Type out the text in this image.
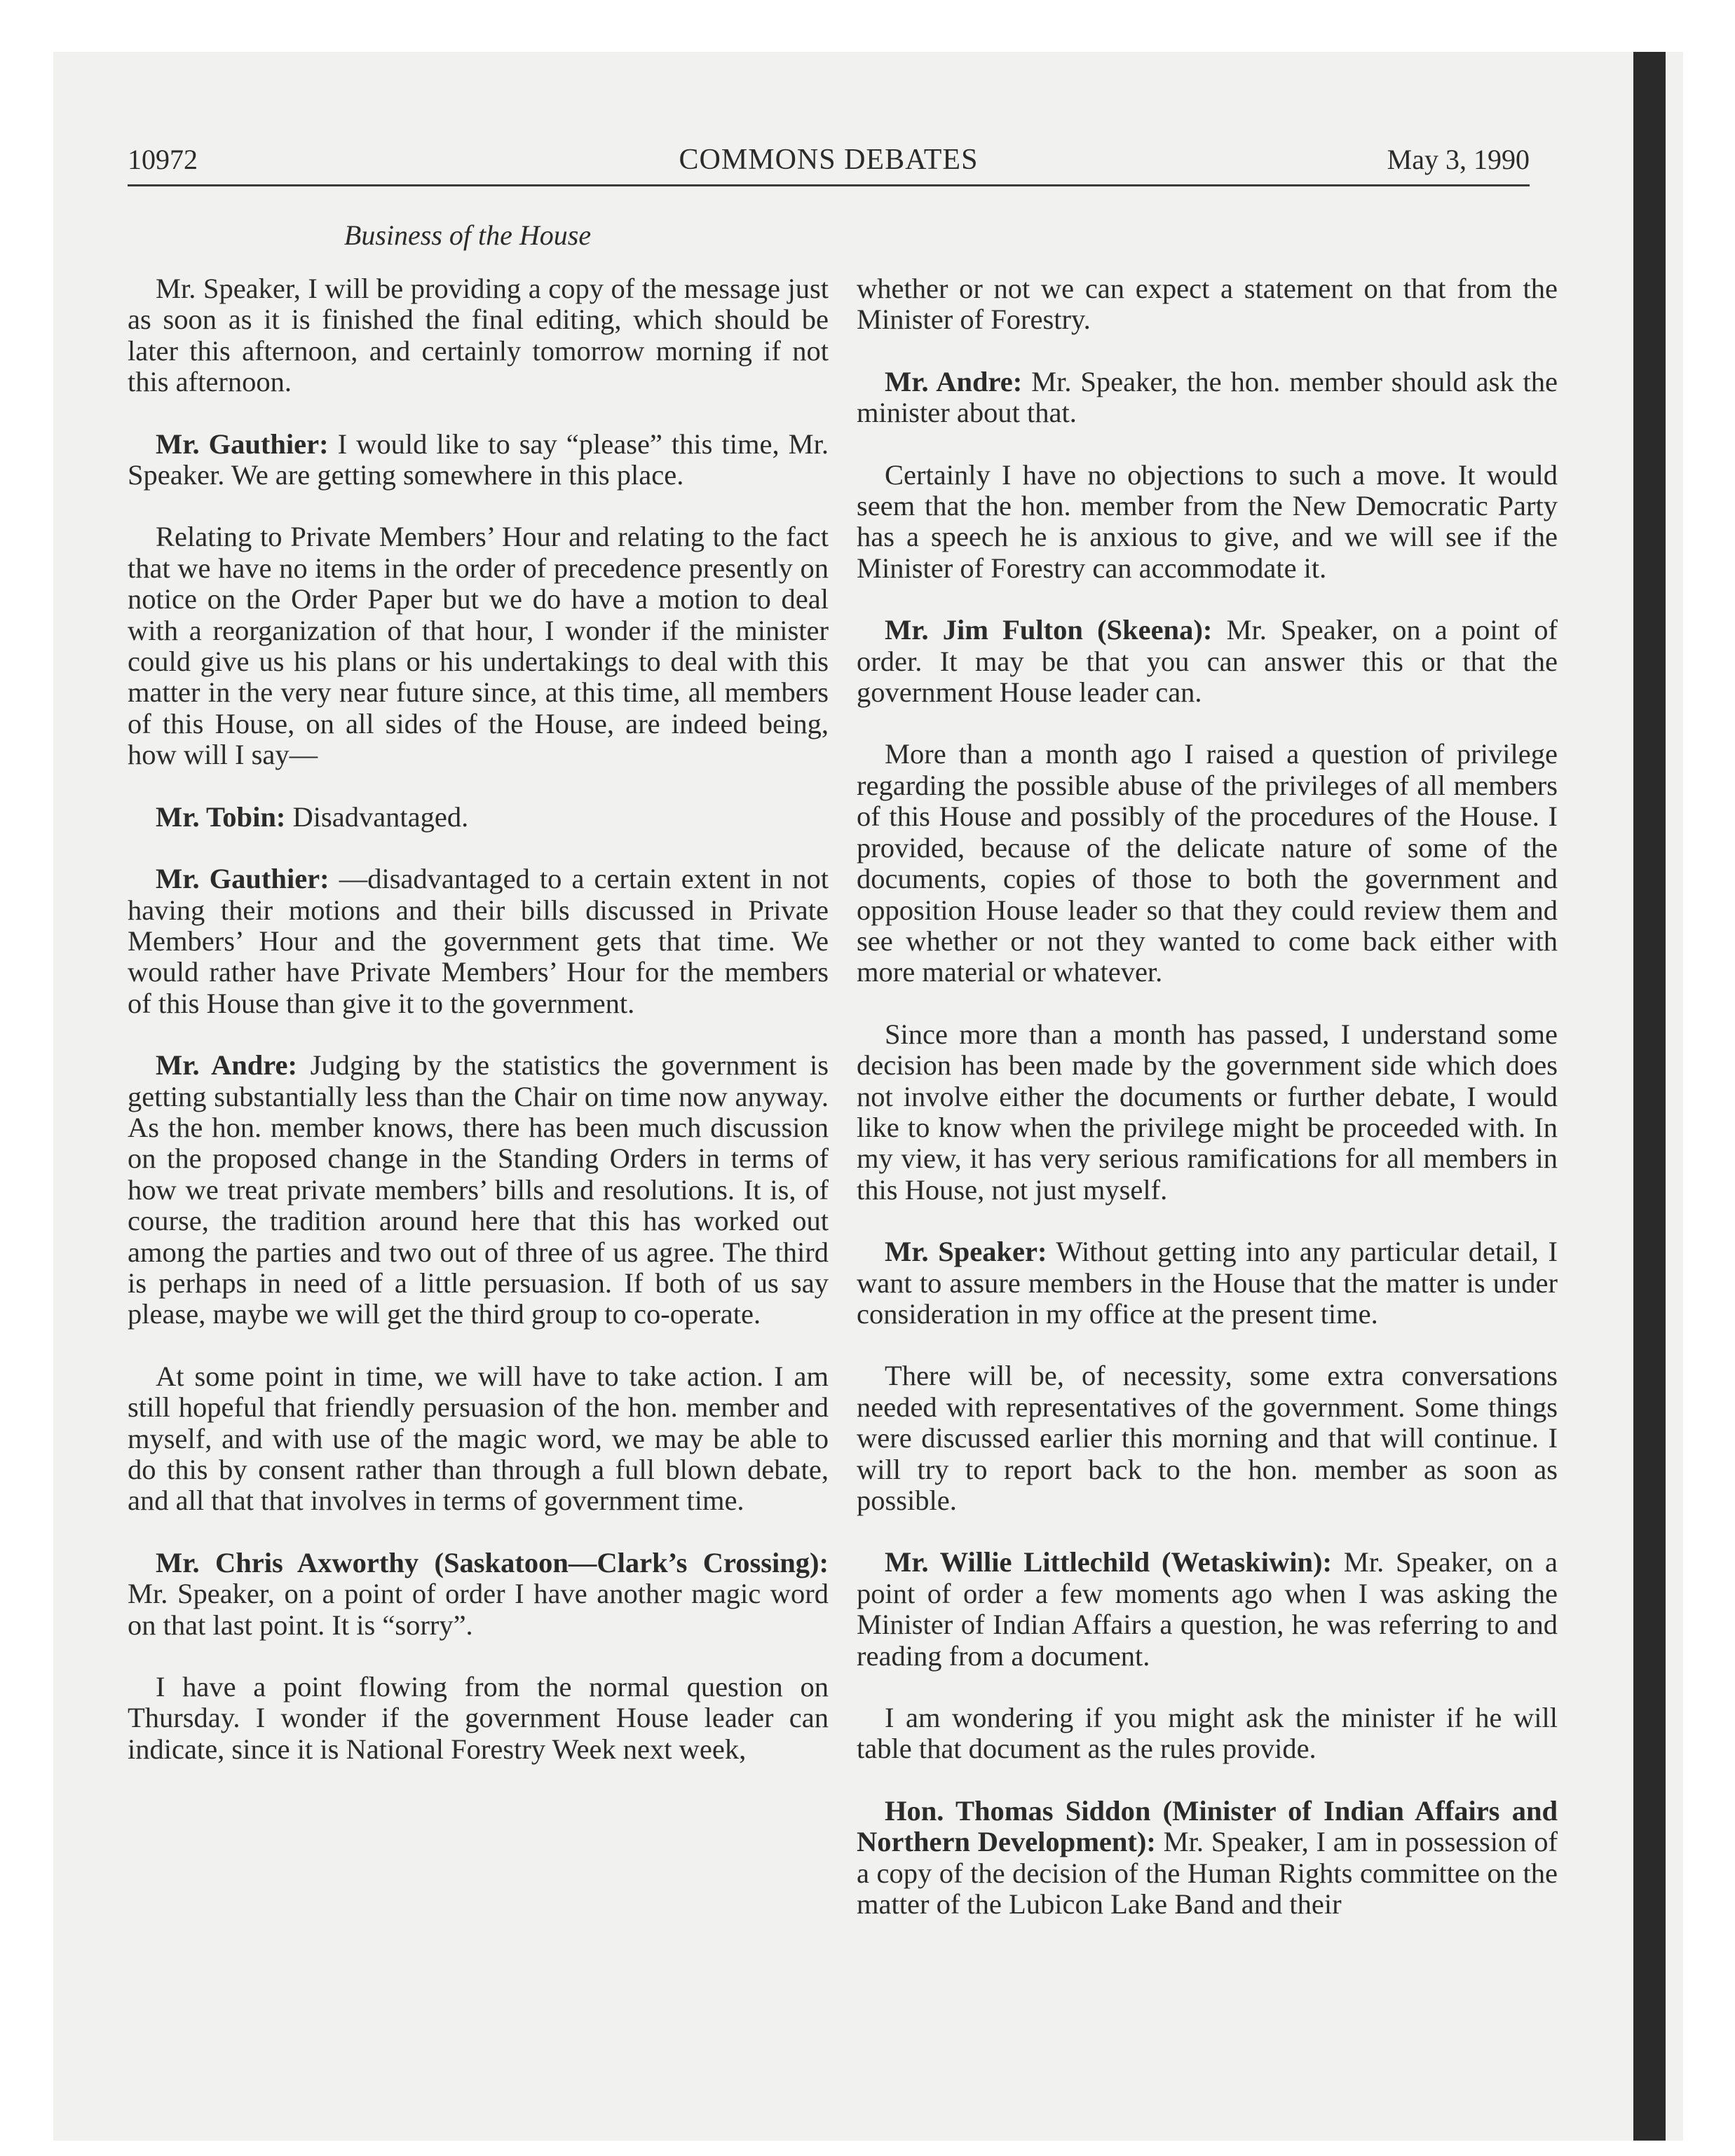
10972	COMMONS DEBATES	May 3, 1990
Business of the House

Mr. Speaker, I will be providing a copy of the message just as soon as it is finished the final editing, which should be later this afternoon, and certainly tomorrow morning if not this afternoon.

Mr. Gauthier: I would like to say “please” this time, Mr. Speaker. We are getting somewhere in this place.

Relating to Private Members’ Hour and relating to the fact that we have no items in the order of precedence presently on notice on the Order Paper but we do have a motion to deal with a reorganization of that hour, I wonder if the minister could give us his plans or his undertakings to deal with this matter in the very near future since, at this time, all members of this House, on all sides of the House, are indeed being, how will I say—

Mr. Tobin: Disadvantaged.

Mr. Gauthier: —disadvantaged to a certain extent in not having their motions and their bills discussed in Private Members’ Hour and the government gets that time. We would rather have Private Members’ Hour for the members of this House than give it to the government.

Mr. Andre: Judging by the statistics the government is getting substantially less than the Chair on time now anyway. As the hon. member knows, there has been much discussion on the proposed change in the Standing Orders in terms of how we treat private members’ bills and resolutions. It is, of course, the tradition around here that this has worked out among the parties and two out of three of us agree. The third is perhaps in need of a little persuasion. If both of us say please, maybe we will get the third group to co-operate.

At some point in time, we will have to take action. I am still hopeful that friendly persuasion of the hon. member and myself, and with use of the magic word, we may be able to do this by consent rather than through a full blown debate, and all that that involves in terms of government time.

Mr. Chris Axworthy (Saskatoon—Clark’s Crossing): Mr. Speaker, on a point of order I have another magic word on that last point. It is “sorry”.

I have a point flowing from the normal question on Thursday. I wonder if the government House leader can indicate, since it is National Forestry Week next week,

whether or not we can expect a statement on that from the Minister of Forestry.

Mr. Andre: Mr. Speaker, the hon. member should ask the minister about that.

Certainly I have no objections to such a move. It would seem that the hon. member from the New Democratic Party has a speech he is anxious to give, and we will see if the Minister of Forestry can accommodate it.

Mr. Jim Fulton (Skeena): Mr. Speaker, on a point of order. It may be that you can answer this or that the government House leader can.

More than a month ago I raised a question of privilege regarding the possible abuse of the privileges of all members of this House and possibly of the procedures of the House. I provided, because of the delicate nature of some of the documents, copies of those to both the government and opposition House leader so that they could review them and see whether or not they wanted to come back either with more material or whatever.

Since more than a month has passed, I understand some decision has been made by the government side which does not involve either the documents or further debate, I would like to know when the privilege might be proceeded with. In my view, it has very serious ramifications for all members in this House, not just myself.

Mr. Speaker: Without getting into any particular detail, I want to assure members in the House that the matter is under consideration in my office at the present time.

There will be, of necessity, some extra conversations needed with representatives of the government. Some things were discussed earlier this morning and that will continue. I will try to report back to the hon. member as soon as possible.

Mr. Willie Littlechild (Wetaskiwin): Mr. Speaker, on a point of order a few moments ago when I was asking the Minister of Indian Affairs a question, he was referring to and reading from a document.

I am wondering if you might ask the minister if he will table that document as the rules provide.

Hon. Thomas Siddon (Minister of Indian Affairs and Northern Development): Mr. Speaker, I am in possession of a copy of the decision of the Human Rights committee on the matter of the Lubicon Lake Band and their
